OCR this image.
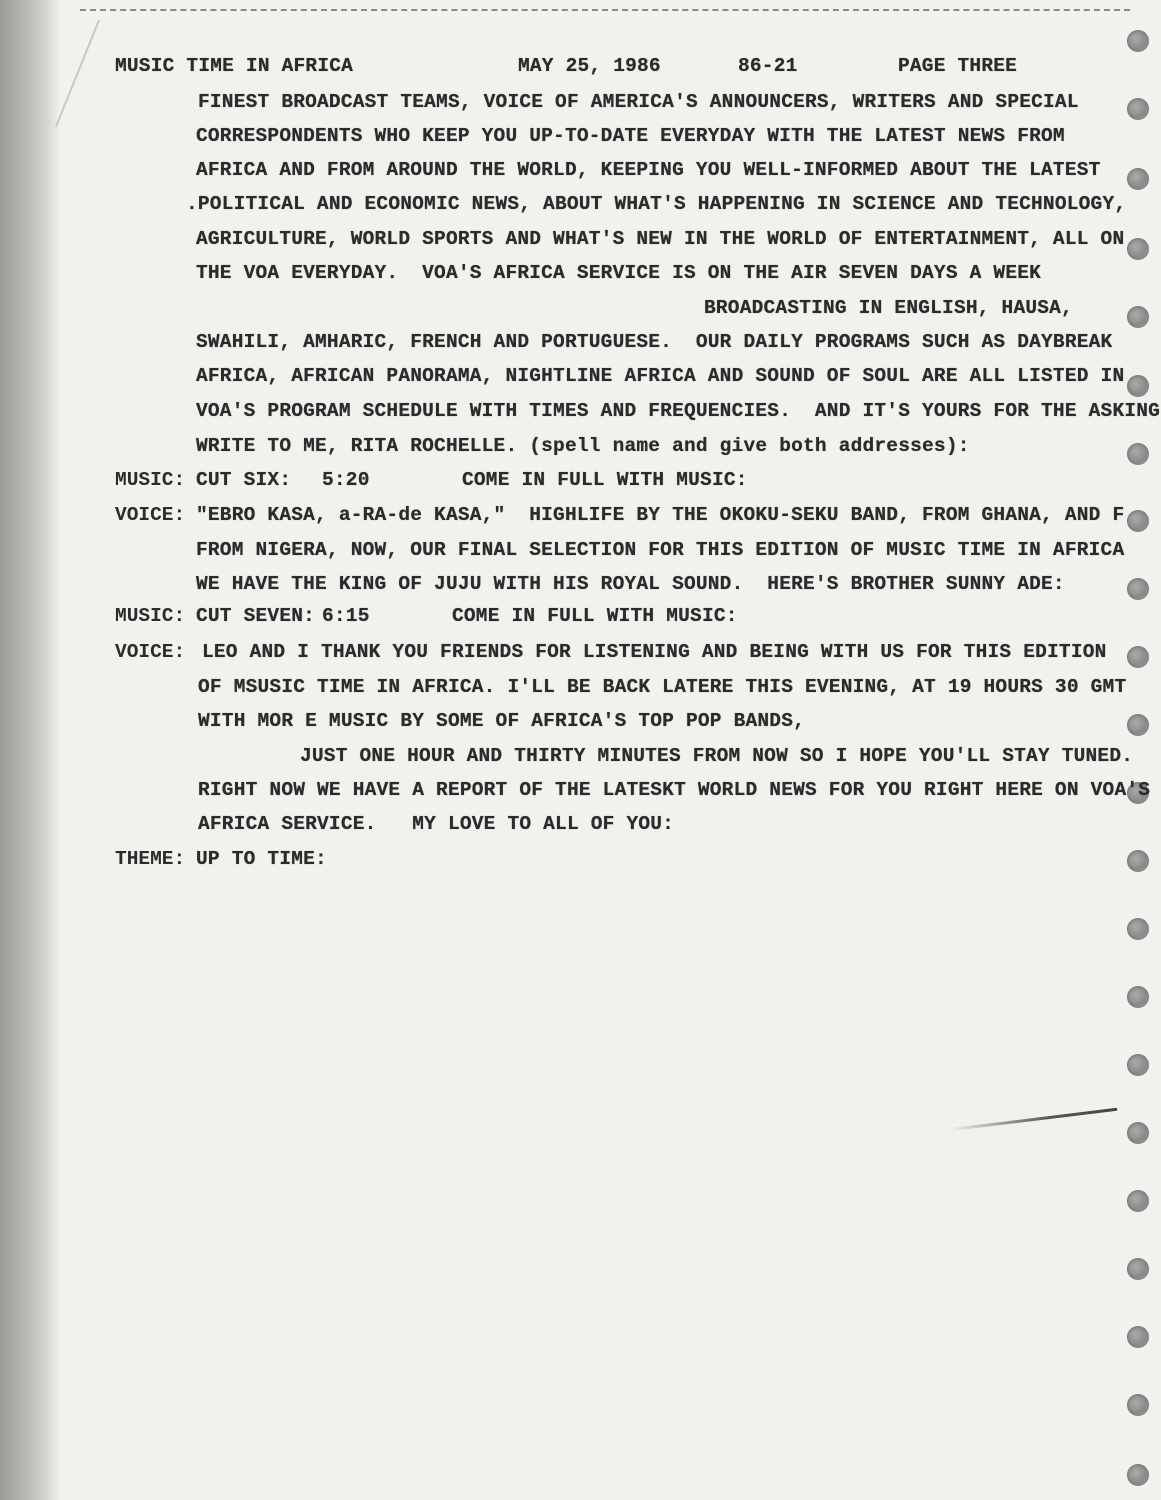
MUSIC TIME IN AFRICA	MAY 25, 1986	86-21	PAGE THREE
FINEST BROADCAST TEAMS, VOICE OF AMERICA'S ANNOUNCERS, WRITERS AND SPECIAL
CORRESPONDENTS WHO KEEP YOU UP-TO-DATE EVERYDAY WITH THE LATEST NEWS FROM
AFRICA AND FROM AROUND THE WORLD, KEEPING YOU WELL-INFORMED ABOUT THE LATEST
.POLITICAL AND ECONOMIC NEWS, ABOUT WHAT'S HAPPENING IN SCIENCE AND TECHNOLOGY,
AGRICULTURE, WORLD SPORTS AND WHAT'S NEW IN THE WORLD OF ENTERTAINMENT, ALL ON
THE VOA EVERYDAY.  VOA'S AFRICA SERVICE IS ON THE AIR SEVEN DAYS A WEEK
BROADCASTING IN ENGLISH, HAUSA,
SWAHILI, AMHARIC, FRENCH AND PORTUGUESE.  OUR DAILY PROGRAMS SUCH AS DAYBREAK
AFRICA, AFRICAN PANORAMA, NIGHTLINE AFRICA AND SOUND OF SOUL ARE ALL LISTED IN
VOA'S PROGRAM SCHEDULE WITH TIMES AND FREQUENCIES.  AND IT'S YOURS FOR THE ASKING
WRITE TO ME, RITA ROCHELLE. (spell name and give both addresses):
MUSIC: CUT SIX: 5:20	COME IN FULL WITH MUSIC:
VOICE: "EBRO KASA, a-RA-de KASA,"  HIGHLIFE BY THE OKOKU-SEKU BAND, FROM GHANA, AND F
FROM NIGERA, NOW, OUR FINAL SELECTION FOR THIS EDITION OF MUSIC TIME IN AFRICA
WE HAVE THE KING OF JUJU WITH HIS ROYAL SOUND.  HERE'S BROTHER SUNNY ADE:
MUSIC: CUT SEVEN: 6:15	COME IN FULL WITH MUSIC:
VOICE: LEO AND I THANK YOU FRIENDS FOR LISTENING AND BEING WITH US FOR THIS EDITION
OF MSUSIC TIME IN AFRICA. I'LL BE BACK LATERE THIS EVENING, AT 19 HOURS 30 GMT
WITH MOR E MUSIC BY SOME OF AFRICA'S TOP POP BANDS,
JUST ONE HOUR AND THIRTY MINUTES FROM NOW SO I HOPE YOU'LL STAY TUNED.
RIGHT NOW WE HAVE A REPORT OF THE LATESKT WORLD NEWS FOR YOU RIGHT HERE ON VOA'S
AFRICA SERVICE.   MY LOVE TO ALL OF YOU:
THEME: UP TO TIME:
